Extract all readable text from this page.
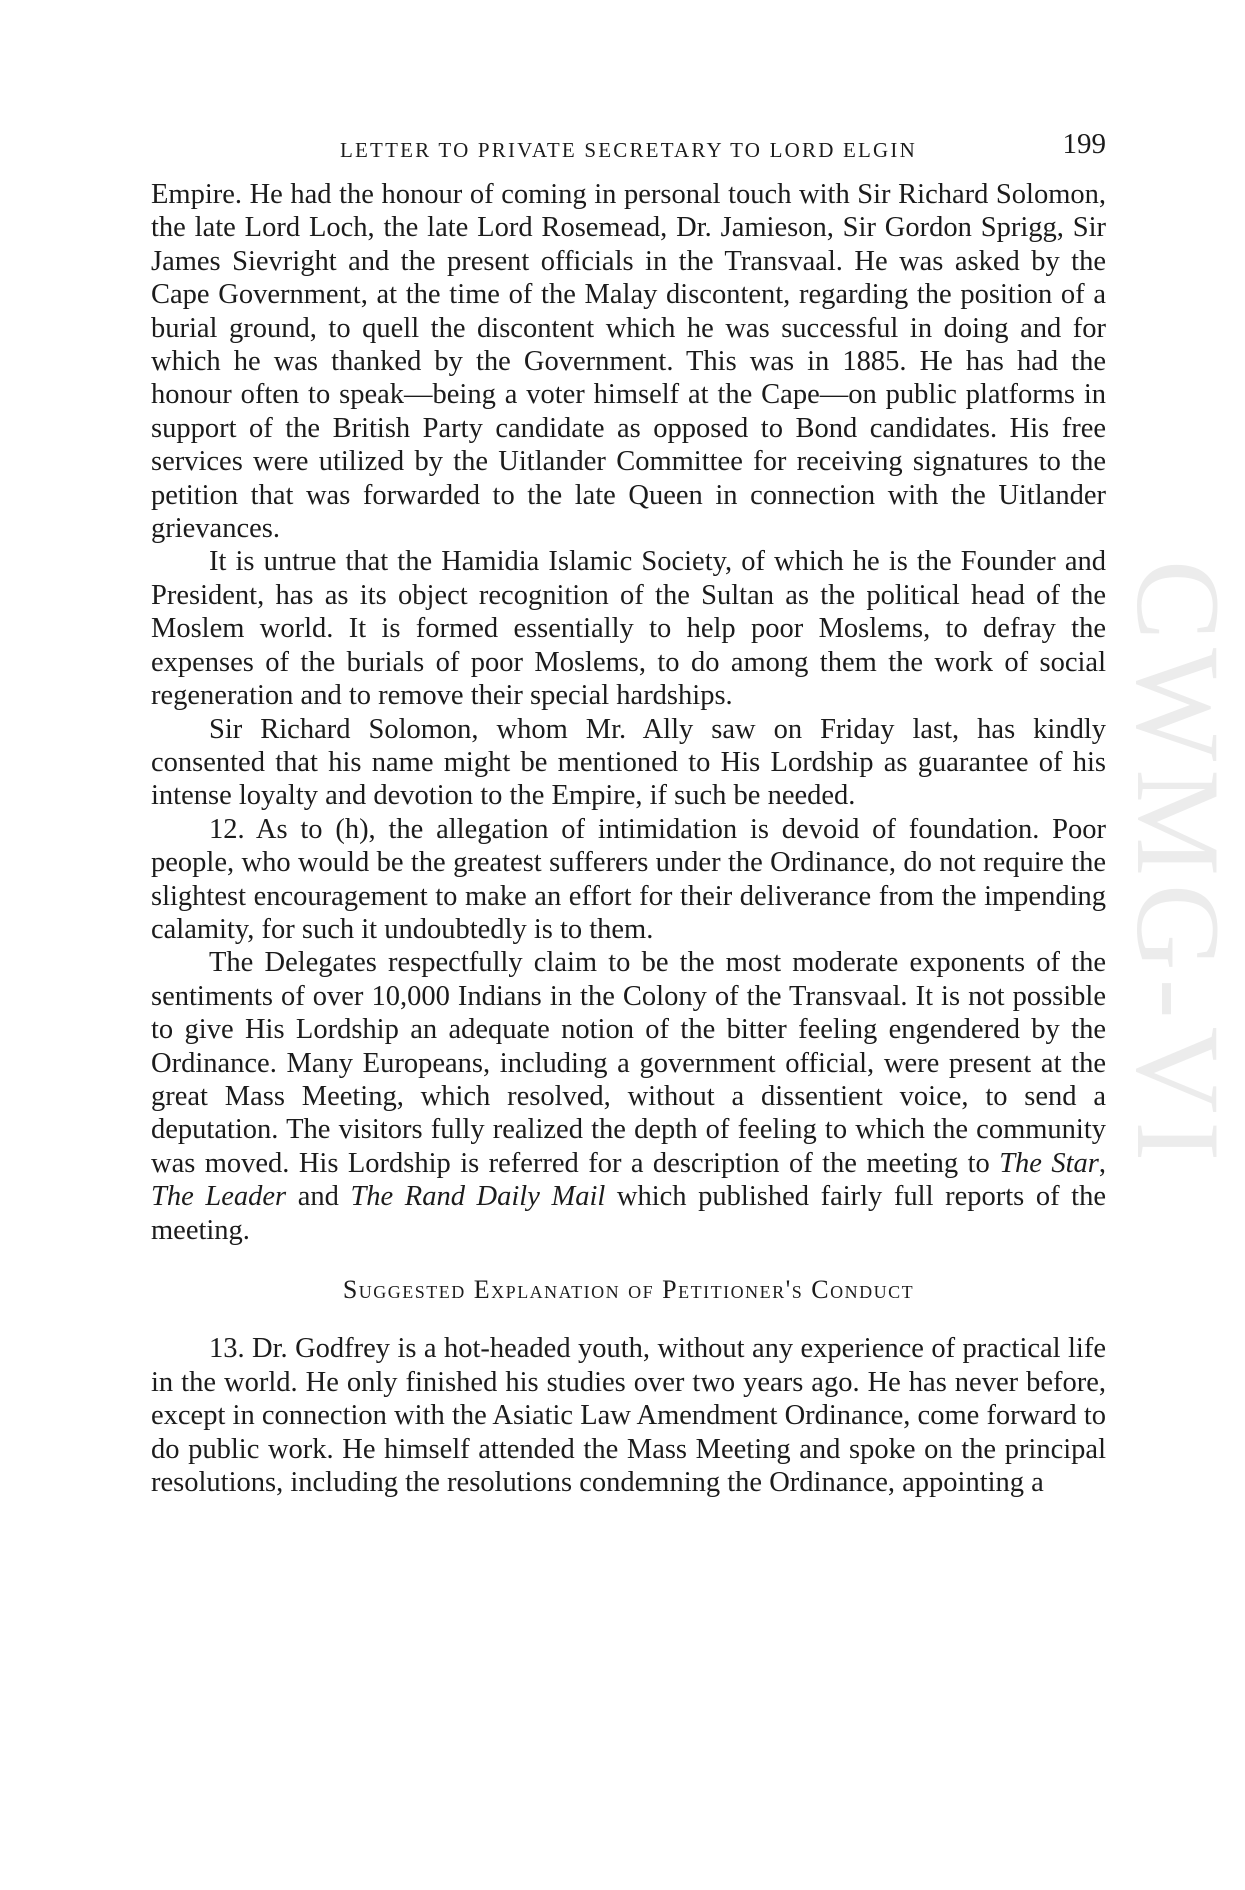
CWMG-VI
LETTER TO PRIVATE SECRETARY TO LORD ELGIN	199

Empire. He had the honour of coming in personal touch with Sir Richard Solomon, the late Lord Loch, the late Lord Rosemead, Dr. Jamieson, Sir Gordon Sprigg, Sir James Sievright and the present officials in the Transvaal. He was asked by the Cape Government, at the time of the Malay discontent, regarding the position of a burial ground, to quell the discontent which he was successful in doing and for which he was thanked by the Government. This was in 1885. He has had the honour often to speak—being a voter himself at the Cape—on public platforms in support of the British Party candidate as opposed to Bond candidates. His free services were utilized by the Uitlander Committee for receiving signatures to the petition that was forwarded to the late Queen in connection with the Uitlander grievances.

It is untrue that the Hamidia Islamic Society, of which he is the Founder and President, has as its object recognition of the Sultan as the political head of the Moslem world. It is formed essentially to help poor Moslems, to defray the expenses of the burials of poor Moslems, to do among them the work of social regeneration and to remove their special hardships.

Sir Richard Solomon, whom Mr. Ally saw on Friday last, has kindly consented that his name might be mentioned to His Lordship as guarantee of his intense loyalty and devotion to the Empire, if such be needed.

12. As to (h), the allegation of intimidation is devoid of foundation. Poor people, who would be the greatest sufferers under the Ordinance, do not require the slightest encouragement to make an effort for their deliverance from the impending calamity, for such it undoubtedly is to them.

The Delegates respectfully claim to be the most moderate exponents of the sentiments of over 10,000 Indians in the Colony of the Transvaal. It is not possible to give His Lordship an adequate notion of the bitter feeling engendered by the Ordinance. Many Europeans, including a government official, were present at the great Mass Meeting, which resolved, without a dissentient voice, to send a deputation. The visitors fully realized the depth of feeling to which the community was moved. His Lordship is referred for a description of the meeting to The Star, The Leader and The Rand Daily Mail which published fairly full reports of the meeting.

Suggested Explanation of Petitioner's Conduct

13. Dr. Godfrey is a hot-headed youth, without any experience of practical life in the world. He only finished his studies over two years ago. He has never before, except in connection with the Asiatic Law Amendment Ordinance, come forward to do public work. He himself attended the Mass Meeting and spoke on the principal resolutions, including the resolutions condemning the Ordinance, appointing a
